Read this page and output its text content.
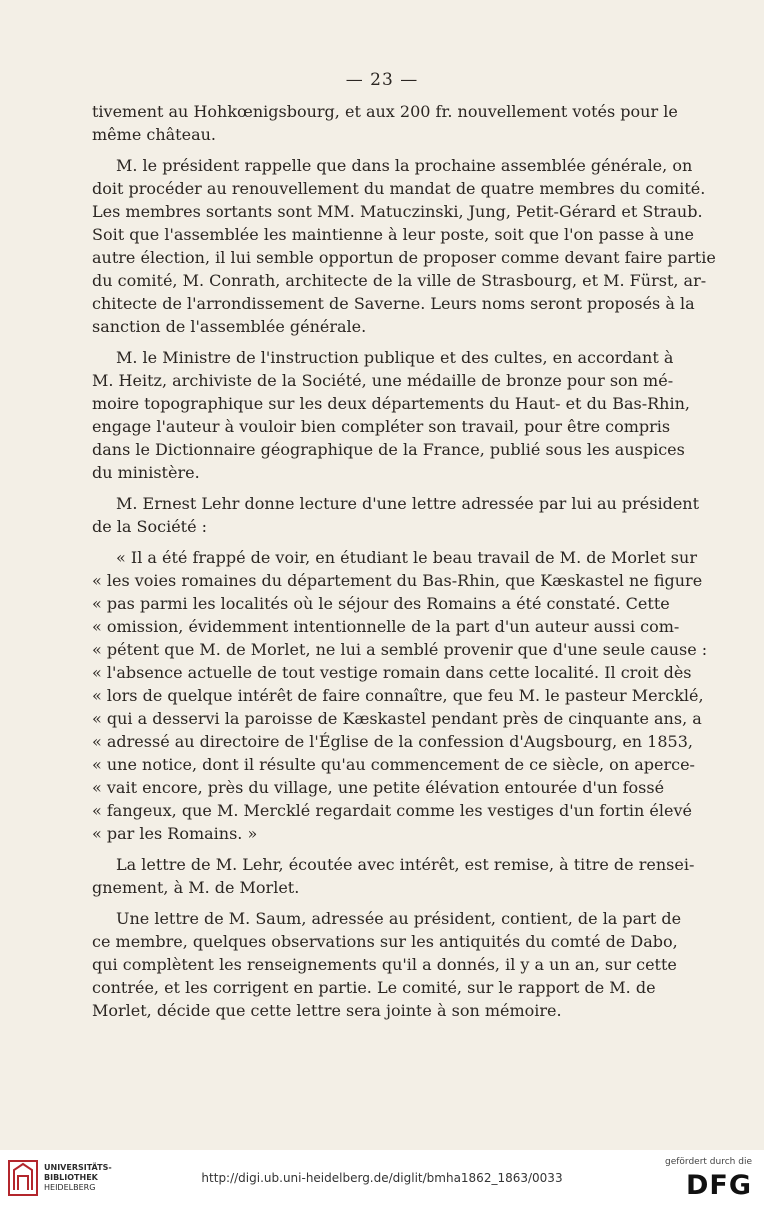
— 23 —
tivement au Hohkœnigsbourg, et aux 200 fr. nouvellement votés pour le
même château.
M. le président rappelle que dans la prochaine assemblée générale, on
doit procéder au renouvellement du mandat de quatre membres du comité.
Les membres sortants sont MM. Matuczinski, Jung, Petit-Gérard et Straub.
Soit que l'assemblée les maintienne à leur poste, soit que l'on passe à une
autre élection, il lui semble opportun de proposer comme devant faire partie
du comité, M. Conrath, architecte de la ville de Strasbourg, et M. Fürst, ar-
chitecte de l'arrondissement de Saverne. Leurs noms seront proposés à la
sanction de l'assemblée générale.
M. le Ministre de l'instruction publique et des cultes, en accordant à
M. Heitz, archiviste de la Société, une médaille de bronze pour son mé-
moire topographique sur les deux départements du Haut- et du Bas-Rhin,
engage l'auteur à vouloir bien compléter son travail, pour être compris
dans le Dictionnaire géographique de la France, publié sous les auspices
du ministère.
M. Ernest Lehr donne lecture d'une lettre adressée par lui au président
de la Société :
« Il a été frappé de voir, en étudiant le beau travail de M. de Morlet sur
« les voies romaines du département du Bas-Rhin, que Kæskastel ne figure
« pas parmi les localités où le séjour des Romains a été constaté. Cette
« omission, évidemment intentionnelle de la part d'un auteur aussi com-
« pétent que M. de Morlet, ne lui a semblé provenir que d'une seule cause :
« l'absence actuelle de tout vestige romain dans cette localité. Il croit dès
« lors de quelque intérêt de faire connaître, que feu M. le pasteur Mercklé,
« qui a desservi la paroisse de Kæskastel pendant près de cinquante ans, a
« adressé au directoire de l'Église de la confession d'Augsbourg, en 1853,
« une notice, dont il résulte qu'au commencement de ce siècle, on aperce-
« vait encore, près du village, une petite élévation entourée d'un fossé
« fangeux, que M. Mercklé regardait comme les vestiges d'un fortin élevé
« par les Romains. »
La lettre de M. Lehr, écoutée avec intérêt, est remise, à titre de rensei-
gnement, à M. de Morlet.
Une lettre de M. Saum, adressée au président, contient, de la part de
ce membre, quelques observations sur les antiquités du comté de Dabo,
qui complètent les renseignements qu'il a donnés, il y a un an, sur cette
contrée, et les corrigent en partie. Le comité, sur le rapport de M. de
Morlet, décide que cette lettre sera jointe à son mémoire.
UNIVERSITÄTS-
BIBLIOTHEK
HEIDELBERG
http://digi.ub.uni-heidelberg.de/diglit/bmha1862_1863/0033
gefördert durch die
DFG
